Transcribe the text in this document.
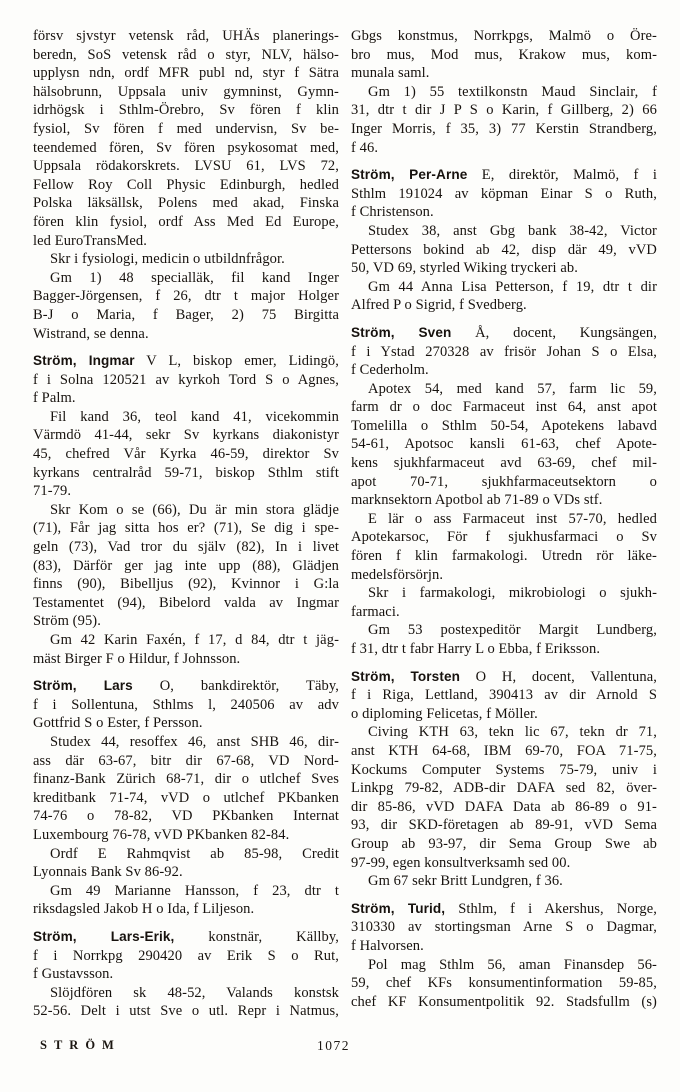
försv sjvstyr vetensk råd, UHÄs planerings-
beredn, SoS vetensk råd o styr, NLV, hälso-
upplysn ndn, ordf MFR publ nd, styr f Sätra
hälsobrunn, Uppsala univ gymninst, Gymn-
idrhögsk i Sthlm-Örebro, Sv fören f klin
fysiol, Sv fören f med undervisn, Sv be-
teendemed fören, Sv fören psykosomat med,
Uppsala rödakorskrets. LVSU 61, LVS 72,
Fellow Roy Coll Physic Edinburgh, hedled
Polska läksällsk, Polens med akad, Finska
fören klin fysiol, ordf Ass Med Ed Europe,
led EuroTransMed.
Skr i fysiologi, medicin o utbildnfrågor.
Gm 1) 48 specialläk, fil kand Inger
Bagger-Jörgensen, f 26, dtr t major Holger
B-J o Maria, f Bager, 2) 75 Birgitta
Wistrand, se denna.
Ström, Ingmar V L, biskop emer, Lidingö,
f i Solna 120521 av kyrkoh Tord S o Agnes,
f Palm.
Fil kand 36, teol kand 41, vicekommin
Värmdö 41-44, sekr Sv kyrkans diakonistyr
45, chefred Vår Kyrka 46-59, direktor Sv
kyrkans centralråd 59-71, biskop Sthlm stift
71-79.
Skr Kom o se (66), Du är min stora glädje
(71), Får jag sitta hos er? (71), Se dig i spe-
geln (73), Vad tror du själv (82), In i livet
(83), Därför ger jag inte upp (88), Glädjen
finns (90), Bibelljus (92), Kvinnor i G:la
Testamentet (94), Bibelord valda av Ingmar
Ström (95).
Gm 42 Karin Faxén, f 17, d 84, dtr t jäg-
mäst Birger F o Hildur, f Johnsson.
Ström, Lars O, bankdirektör, Täby,
f i Sollentuna, Sthlms l, 240506 av adv
Gottfrid S o Ester, f Persson.
Studex 44, resoffex 46, anst SHB 46, dir-
ass där 63-67, bitr dir 67-68, VD Nord-
finanz-Bank Zürich 68-71, dir o utlchef Sves
kreditbank 71-74, vVD o utlchef PKbanken
74-76 o 78-82, VD PKbanken Internat
Luxembourg 76-78, vVD PKbanken 82-84.
Ordf E Rahmqvist ab 85-98, Credit
Lyonnais Bank Sv 86-92.
Gm 49 Marianne Hansson, f 23, dtr t
riksdagsled Jakob H o Ida, f Liljeson.
Ström, Lars-Erik, konstnär, Källby,
f i Norrkpg 290420 av Erik S o Rut,
f Gustavsson.
Slöjdfören sk 48-52, Valands konstsk
52-56. Delt i utst Sve o utl. Repr i Natmus,
Gbgs konstmus, Norrkpgs, Malmö o Öre-
bro mus, Mod mus, Krakow mus, kom-
munala saml.
Gm 1) 55 textilkonstn Maud Sinclair, f
31, dtr t dir J P S o Karin, f Gillberg, 2) 66
Inger Morris, f 35, 3) 77 Kerstin Strandberg,
f 46.
Ström, Per-Arne E, direktör, Malmö, f i
Sthlm 191024 av köpman Einar S o Ruth,
f Christenson.
Studex 38, anst Gbg bank 38-42, Victor
Pettersons bokind ab 42, disp där 49, vVD
50, VD 69, styrled Wiking tryckeri ab.
Gm 44 Anna Lisa Petterson, f 19, dtr t dir
Alfred P o Sigrid, f Svedberg.
Ström, Sven Å, docent, Kungsängen,
f i Ystad 270328 av frisör Johan S o Elsa,
f Cederholm.
Apotex 54, med kand 57, farm lic 59,
farm dr o doc Farmaceut inst 64, anst apot
Tomelilla o Sthlm 50-54, Apotekens labavd
54-61, Apotsoc kansli 61-63, chef Apote-
kens sjukhfarmaceut avd 63-69, chef mil-
apot 70-71, sjukhfarmaceutsektorn o
marknsektorn Apotbol ab 71-89 o VDs stf.
E lär o ass Farmaceut inst 57-70, hedled
Apotekarsoc, För f sjukhusfarmaci o Sv
fören f klin farmakologi. Utredn rör läke-
medelsförsörjn.
Skr i farmakologi, mikrobiologi o sjukh-
farmaci.
Gm 53 postexpeditör Margit Lundberg,
f 31, dtr t fabr Harry L o Ebba, f Eriksson.
Ström, Torsten O H, docent, Vallentuna,
f i Riga, Lettland, 390413 av dir Arnold S
o diploming Felicetas, f Möller.
Civing KTH 63, tekn lic 67, tekn dr 71,
anst KTH 64-68, IBM 69-70, FOA 71-75,
Kockums Computer Systems 75-79, univ i
Linkpg 79-82, ADB-dir DAFA sed 82, över-
dir 85-86, vVD DAFA Data ab 86-89 o 91-
93, dir SKD-företagen ab 89-91, vVD Sema
Group ab 93-97, dir Sema Group Swe ab
97-99, egen konsultverksamh sed 00.
Gm 67 sekr Britt Lundgren, f 36.
Ström, Turid, Sthlm, f i Akershus, Norge,
310330 av stortingsman Arne S o Dagmar,
f Halvorsen.
Pol mag Sthlm 56, aman Finansdep 56-
59, chef KFs konsumentinformation 59-85,
chef KF Konsumentpolitik 92. Stadsfullm (s)
STRÖM	1072
